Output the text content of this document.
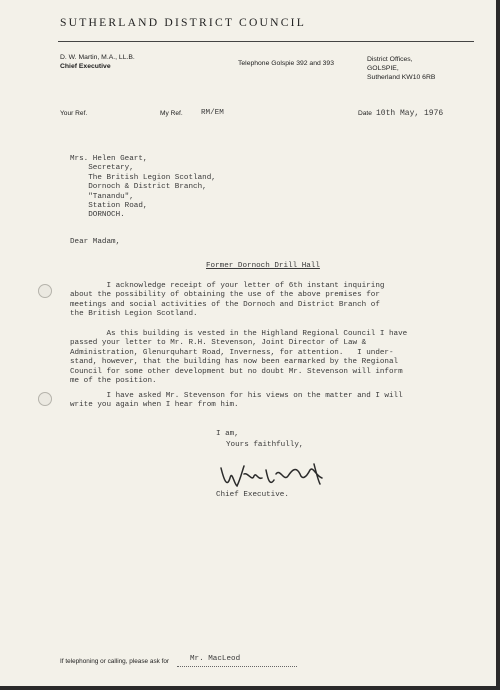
SUTHERLAND DISTRICT COUNCIL
D. W. Martin, M.A., LL.B.
Chief Executive	Telephone Golspie 392 and 393
District Offices,
GOLSPIE,
Sutherland KW10 6RB
Your Ref.	My Ref. RM/EM	Date 10th May, 1976
Mrs. Helen Geart,
Secretary,
The British Legion Scotland,
Dornoch & District Branch,
"Tanandu",
Station Road,
DORNOCH.
Dear Madam,
Former Dornoch Drill Hall
I acknowledge receipt of your letter of 6th instant inquiring
about the possibility of obtaining the use of the above premises for
meetings and social activities of the Dornoch and District Branch of
the British Legion Scotland.
As this building is vested in the Highland Regional Council I have
passed your letter to Mr. R.H. Stevenson, Joint Director of Law &
Administration, Glenurquhart Road, Inverness, for attention.   I under-
stand, however, that the building has now been earmarked by the Regional
Council for some other development but no doubt Mr. Stevenson will inform
me of the position.
I have asked Mr. Stevenson for his views on the matter and I will
write you again when I hear from him.
I am,
Yours faithfully,
Chief Executive.
If telephoning or calling, please ask for	Mr. MacLeod
